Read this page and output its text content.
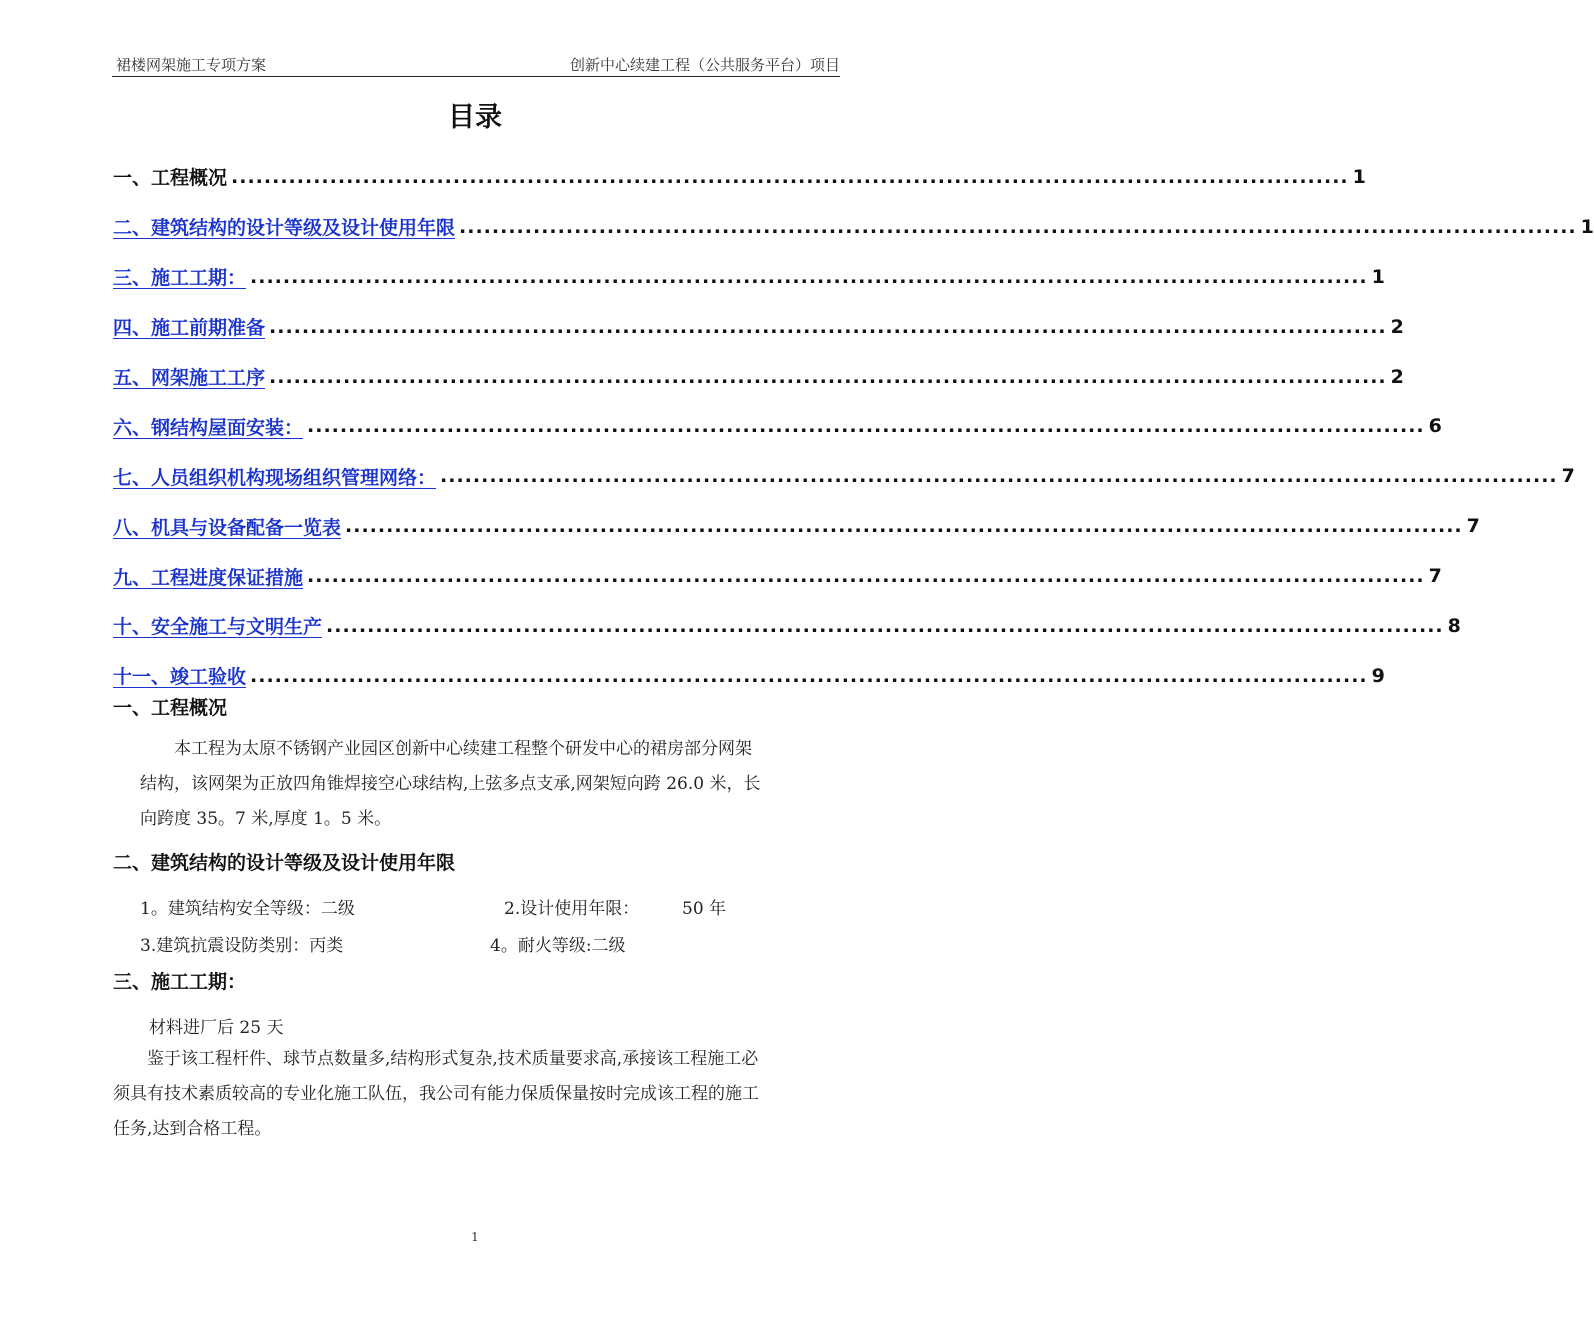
裙楼网架施工专项方案	创新中心续建工程（公共服务平台）项目
目录
一、工程概况 ........................................................................................................................................ 1
二、建筑结构的设计等级及设计使用年限 ........................................................................................................................................ 1
三、施工工期： ........................................................................................................................................ 1
四、施工前期准备 ........................................................................................................................................ 2
五、网架施工工序 ........................................................................................................................................ 2
六、钢结构屋面安装： ........................................................................................................................................ 6
七、人员组织机构现场组织管理网络： ........................................................................................................................................ 7
八、机具与设备配备一览表 ........................................................................................................................................ 7
九、工程进度保证措施 ........................................................................................................................................ 7
十、安全施工与文明生产 ........................................................................................................................................ 8
十一、竣工验收 ........................................................................................................................................ 9
一、工程概况
本工程为太原不锈钢产业园区创新中心续建工程整个研发中心的裙房部分网架
结构，该网架为正放四角锥焊接空心球结构,上弦多点支承,网架短向跨 26.0 米，长
向跨度 35。7 米,厚度 1。5 米。
二、建筑结构的设计等级及设计使用年限
1。建筑结构安全等级：二级	2.设计使用年限：	50 年
3.建筑抗震设防类别：丙类	4。耐火等级:二级
三、施工工期：
材料进厂后 25 天
鉴于该工程杆件、球节点数量多,结构形式复杂,技术质量要求高,承接该工程施工必
须具有技术素质较高的专业化施工队伍，我公司有能力保质保量按时完成该工程的施工
任务,达到合格工程。
1
